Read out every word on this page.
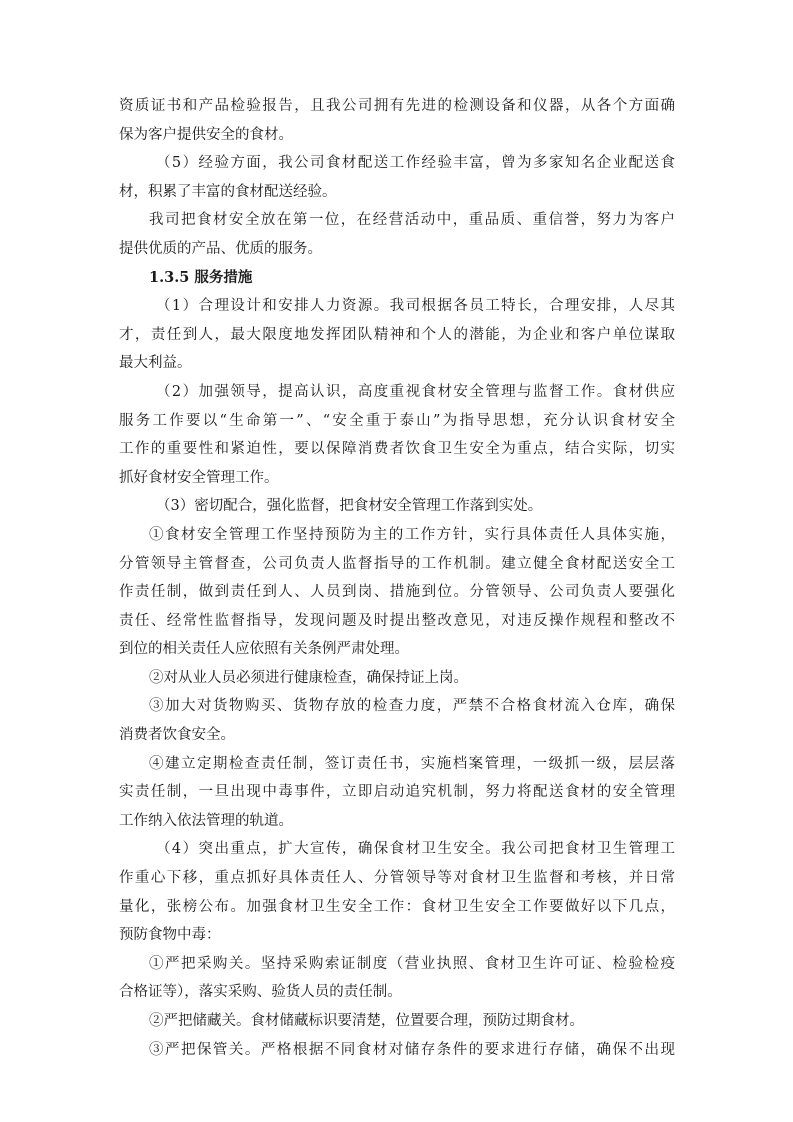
资质证书和产品检验报告，且我公司拥有先进的检测设备和仪器，从各个方面确
保为客户提供安全的食材。
（5）经验方面，我公司食材配送工作经验丰富，曾为多家知名企业配送食
材，积累了丰富的食材配送经验。
我司把食材安全放在第一位，在经营活动中，重品质、重信誉，努力为客户
提供优质的产品、优质的服务。
1.3.5 服务措施
（1）合理设计和安排人力资源。我司根据各员工特长，合理安排，人尽其
才，责任到人，最大限度地发挥团队精神和个人的潜能，为企业和客户单位谋取
最大利益。
（2）加强领导，提高认识，高度重视食材安全管理与监督工作。食材供应
服务工作要以“生命第一”、“安全重于泰山”为指导思想，充分认识食材安全
工作的重要性和紧迫性，要以保障消费者饮食卫生安全为重点，结合实际，切实
抓好食材安全管理工作。
（3）密切配合，强化监督，把食材安全管理工作落到实处。
①食材安全管理工作坚持预防为主的工作方针，实行具体责任人具体实施，
分管领导主管督查，公司负责人监督指导的工作机制。建立健全食材配送安全工
作责任制，做到责任到人、人员到岗、措施到位。分管领导、公司负责人要强化
责任、经常性监督指导，发现问题及时提出整改意见，对违反操作规程和整改不
到位的相关责任人应依照有关条例严肃处理。
②对从业人员必须进行健康检查，确保持证上岗。
③加大对货物购买、货物存放的检查力度，严禁不合格食材流入仓库，确保
消费者饮食安全。
④建立定期检查责任制，签订责任书，实施档案管理，一级抓一级，层层落
实责任制，一旦出现中毒事件，立即启动追究机制，努力将配送食材的安全管理
工作纳入依法管理的轨道。
（4）突出重点，扩大宣传，确保食材卫生安全。我公司把食材卫生管理工
作重心下移，重点抓好具体责任人、分管领导等对食材卫生监督和考核，并日常
量化，张榜公布。加强食材卫生安全工作：食材卫生安全工作要做好以下几点，
预防食物中毒：
①严把采购关。坚持采购索证制度（营业执照、食材卫生许可证、检验检疫
合格证等），落实采购、验货人员的责任制。
②严把储藏关。食材储藏标识要清楚，位置要合理，预防过期食材。
③严把保管关。严格根据不同食材对储存条件的要求进行存储，确保不出现
